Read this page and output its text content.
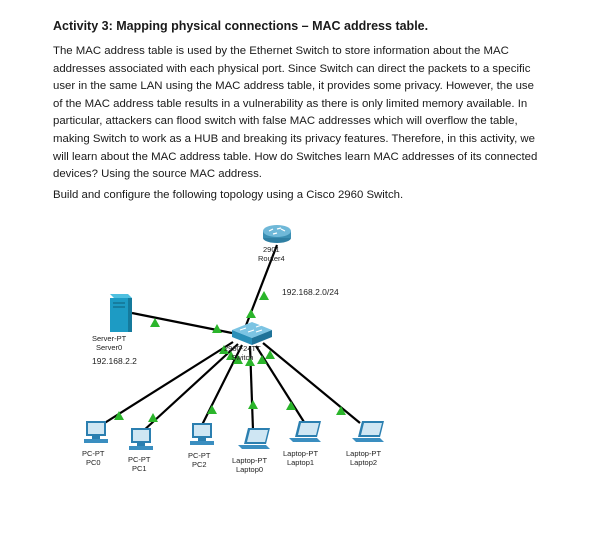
Activity 3: Mapping physical connections – MAC address table.
The MAC address table is used by the Ethernet Switch to store information about the MAC
addresses associated with each physical port. Since Switch can direct the packets to a specific
user in the same LAN using the MAC address table, it provides some privacy. However, the use
of the MAC address table results in a vulnerability as there is only limited memory available. In
particular, attackers can flood switch with false MAC addresses which will overflow the table,
making Switch to work as a HUB and breaking its privacy features. Therefore, in this activity, we
will learn about the MAC address table. How do Switches learn MAC addresses of its connected
devices? Using the source MAC address.
Build and configure the following topology using a Cisco 2960 Switch.
2901
Router4
192.168.2.0/24
Server-PT
Server0
192.168.2.2
2960-24TT
Switch
PC-PT
PC0	PC-PT
PC1
PC-PT
PC2	Laptop-PT
Laptop0
Laptop-PT
Laptop1
Laptop-PT
Laptop2
